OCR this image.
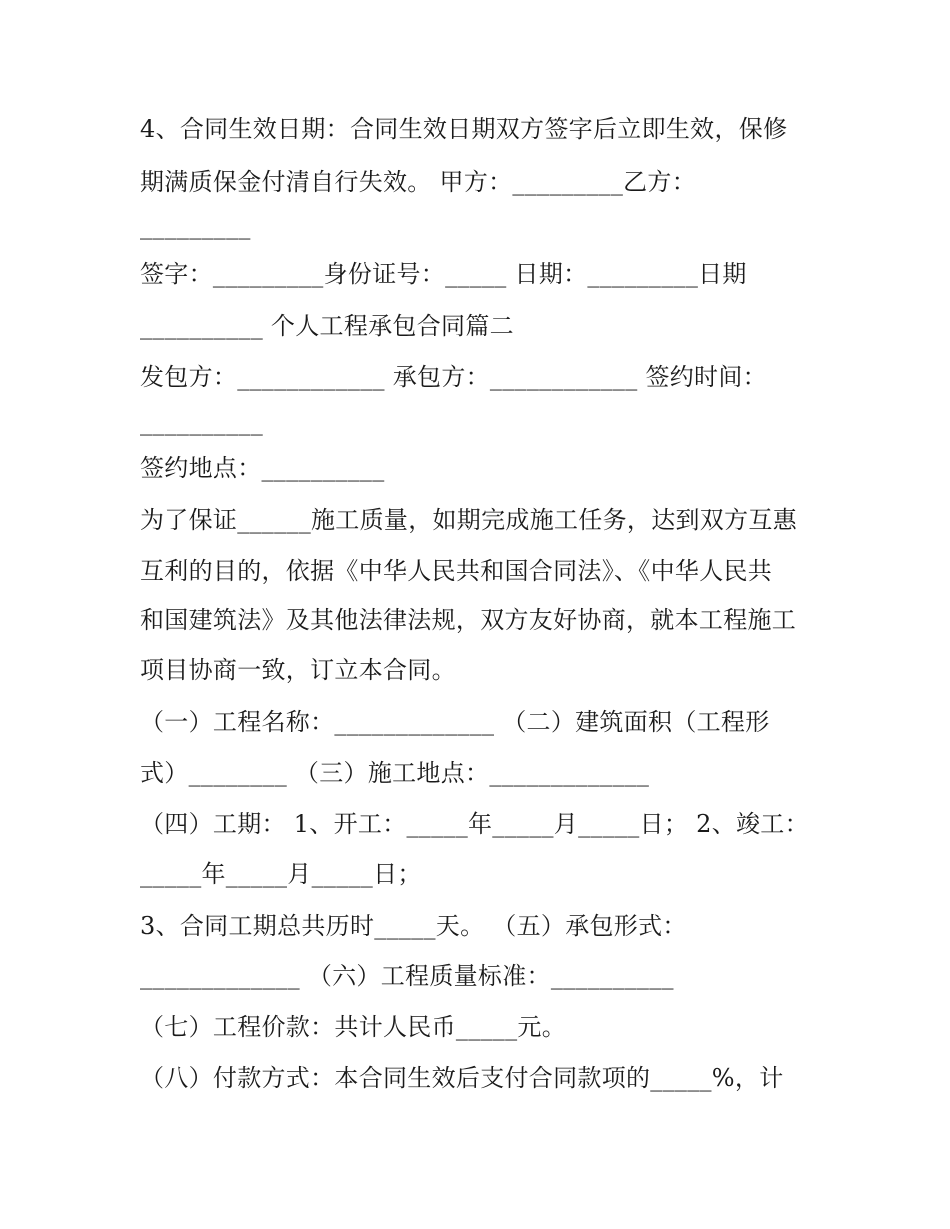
4、合同生效日期：合同生效日期双方签字后立即生效，保修
期满质保金付清自行失效。 甲方：_________乙方：
_________
签字：_________身份证号：_____ 日期：_________日期
__________ 个人工程承包合同篇二
发包方：____________ 承包方：____________ 签约时间：
__________
签约地点：__________
为了保证______施工质量，如期完成施工任务，达到双方互惠
互利的目的，依据《中华人民共和国合同法》、《中华人民共
和国建筑法》及其他法律法规，双方友好协商，就本工程施工
项目协商一致，订立本合同。
（一）工程名称：_____________ （二）建筑面积（工程形
式）________ （三）施工地点：_____________
（四）工期： 1、开工：_____年_____月_____日； 2、竣工：
_____年_____月_____日；
3、合同工期总共历时_____天。 （五）承包形式：
_____________ （六）工程质量标准：__________
（七）工程价款：共计人民币_____元。
（八）付款方式：本合同生效后支付合同款项的_____%，计
